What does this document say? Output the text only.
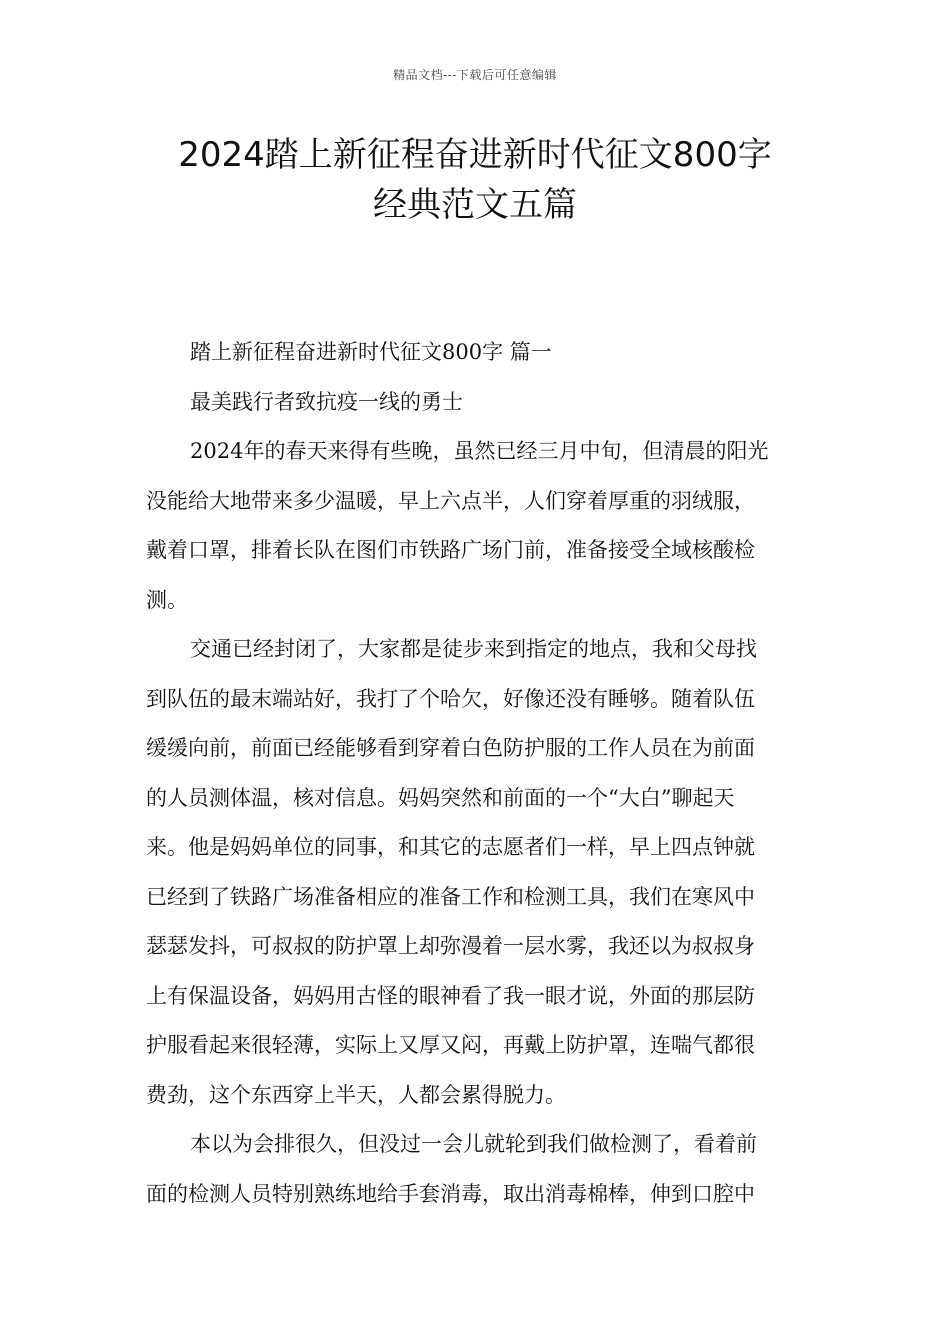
精品文档---下载后可任意编辑
2024踏上新征程奋进新时代征文800字
经典范文五篇

踏上新征程奋进新时代征文800字 篇一

最美践行者致抗疫一线的勇士

2024年的春天来得有些晚，虽然已经三月中旬，但清晨的阳光
没能给大地带来多少温暖，早上六点半，人们穿着厚重的羽绒服，
戴着口罩，排着长队在图们市铁路广场门前，准备接受全域核酸检
测。

交通已经封闭了，大家都是徒步来到指定的地点，我和父母找
到队伍的最末端站好，我打了个哈欠，好像还没有睡够。随着队伍
缓缓向前，前面已经能够看到穿着白色防护服的工作人员在为前面
的人员测体温，核对信息。妈妈突然和前面的一个“大白”聊起天
来。他是妈妈单位的同事，和其它的志愿者们一样，早上四点钟就
已经到了铁路广场准备相应的准备工作和检测工具，我们在寒风中
瑟瑟发抖，可叔叔的防护罩上却弥漫着一层水雾，我还以为叔叔身
上有保温设备，妈妈用古怪的眼神看了我一眼才说，外面的那层防
护服看起来很轻薄，实际上又厚又闷，再戴上防护罩，连喘气都很
费劲，这个东西穿上半天，人都会累得脱力。

本以为会排很久，但没过一会儿就轮到我们做检测了，看着前
面的检测人员特别熟练地给手套消毒，取出消毒棉棒，伸到口腔中
